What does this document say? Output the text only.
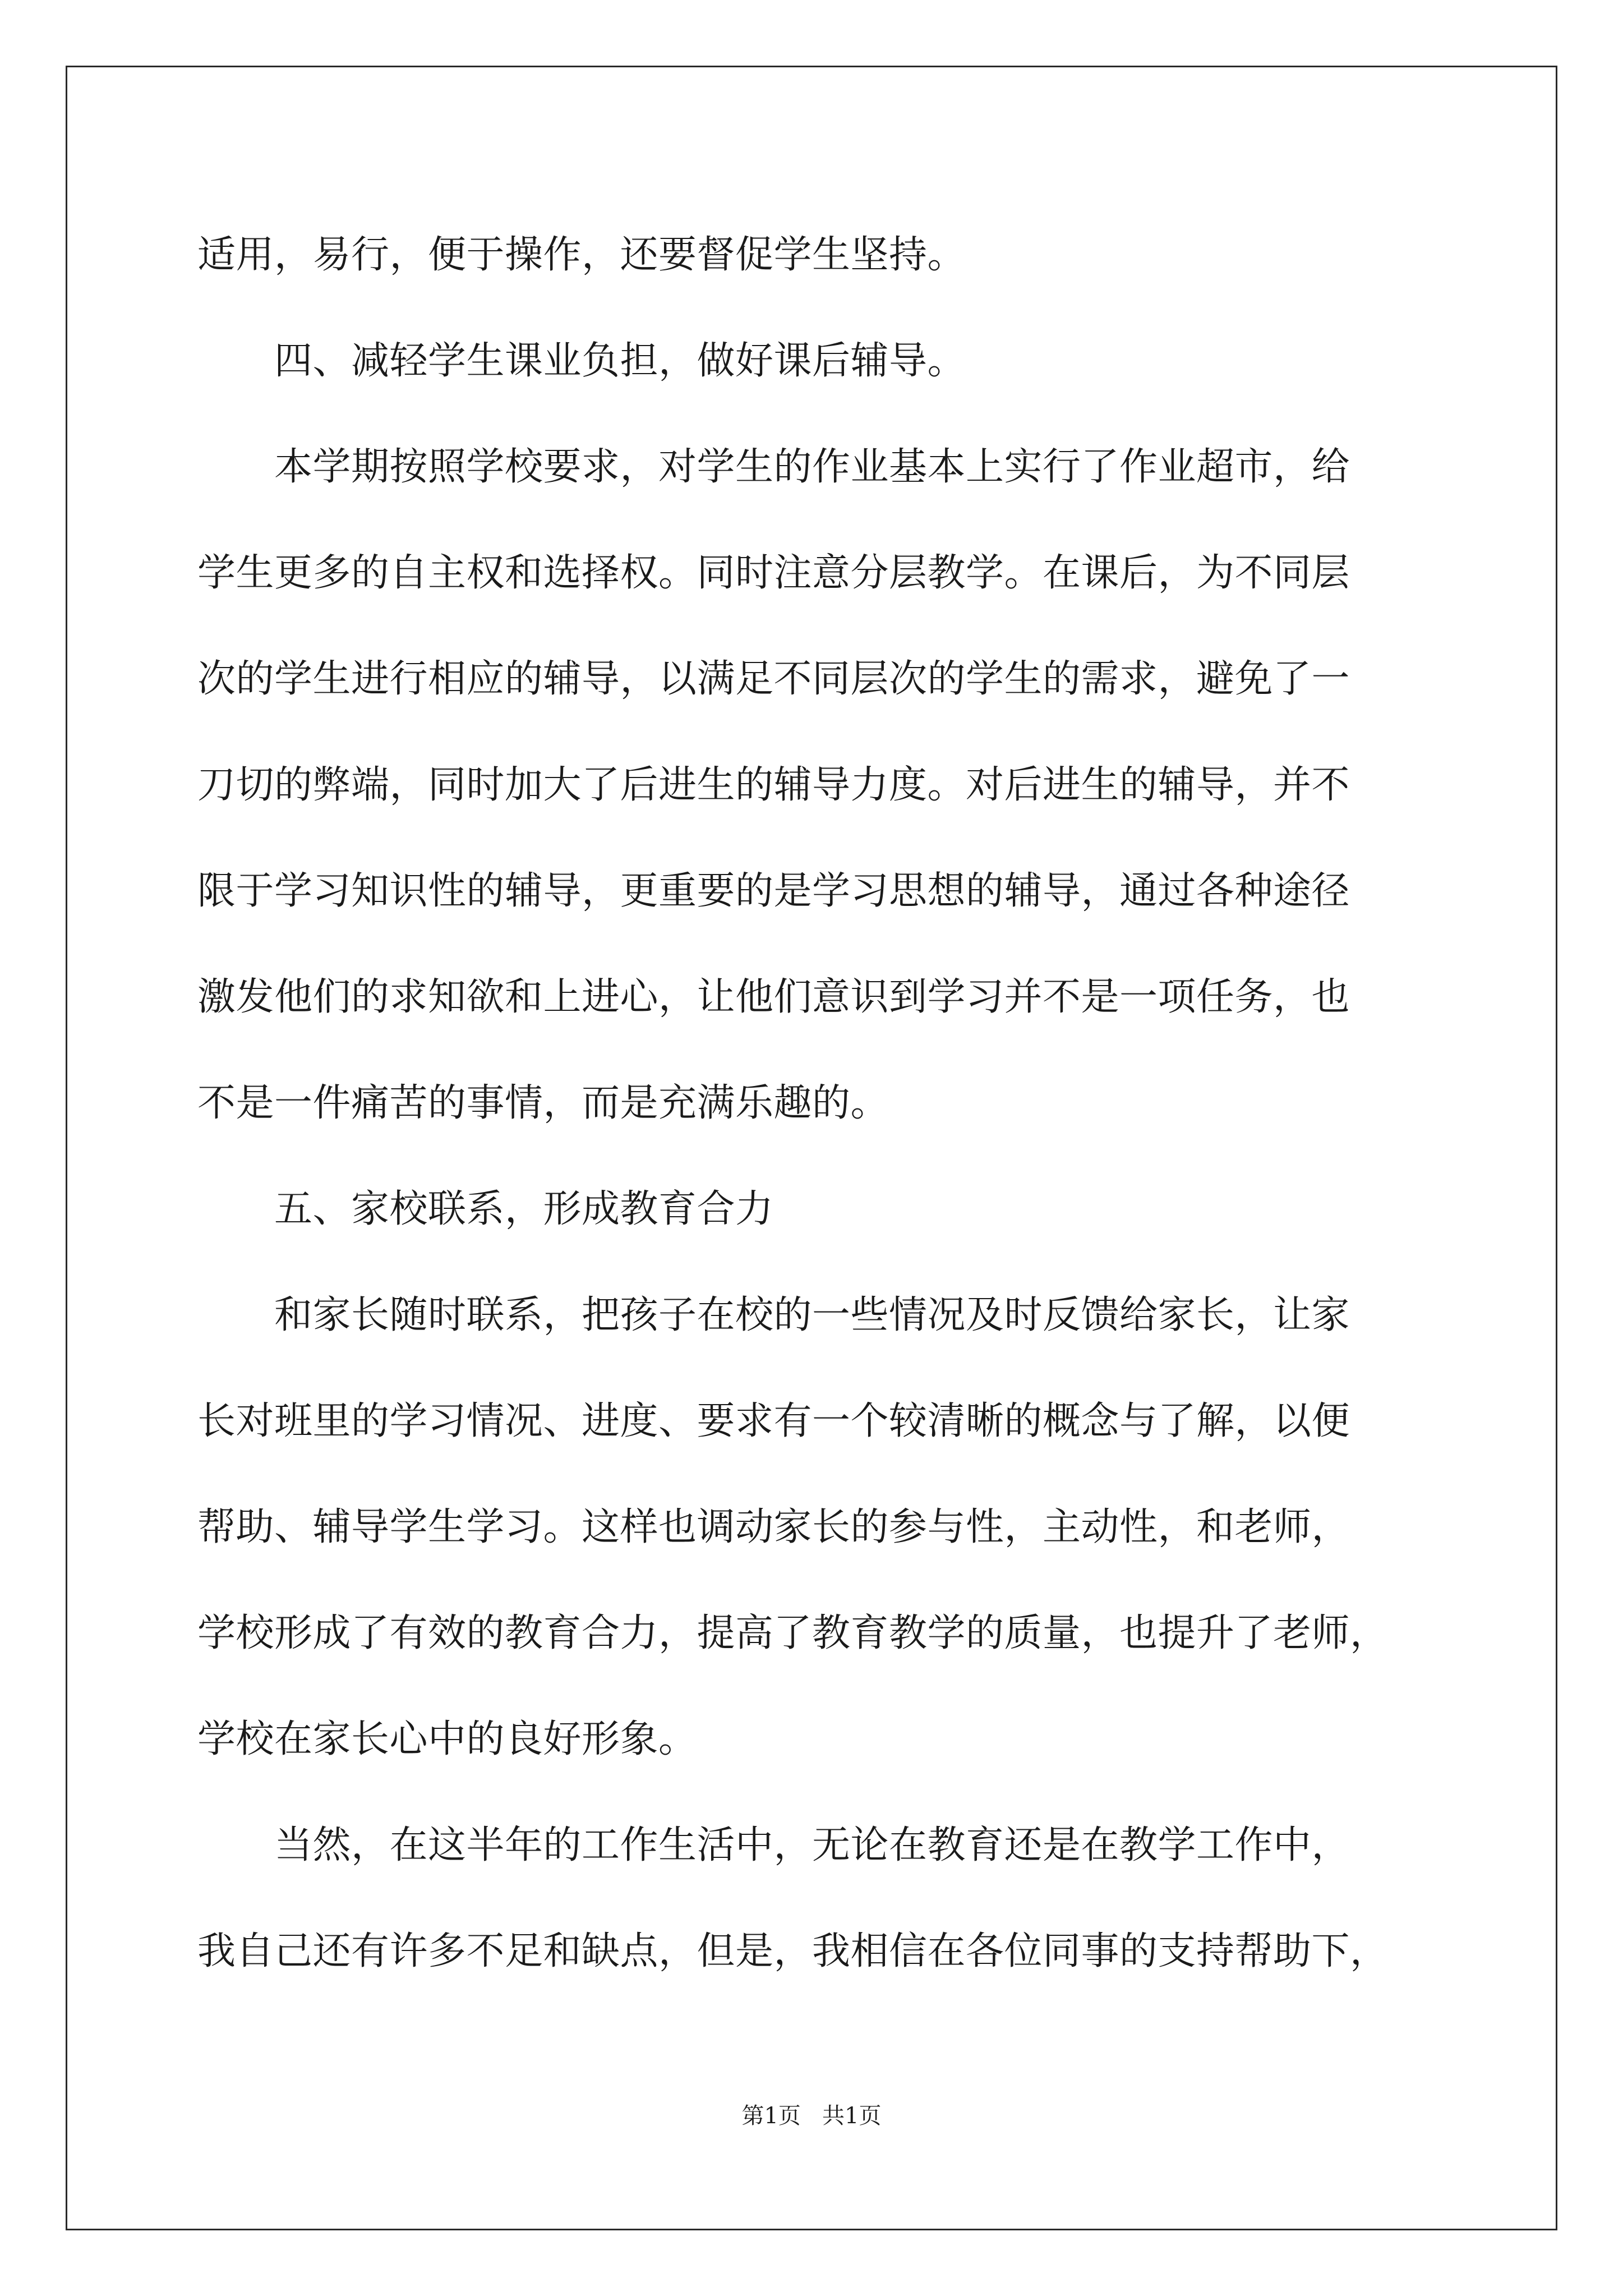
适用，易行，便于操作，还要督促学生坚持。
　　四、减轻学生课业负担，做好课后辅导。
　　本学期按照学校要求，对学生的作业基本上实行了作业超市，给
学生更多的自主权和选择权。同时注意分层教学。在课后，为不同层
次的学生进行相应的辅导，以满足不同层次的学生的需求，避免了一
刀切的弊端，同时加大了后进生的辅导力度。对后进生的辅导，并不
限于学习知识性的辅导，更重要的是学习思想的辅导，通过各种途径
激发他们的求知欲和上进心，让他们意识到学习并不是一项任务，也
不是一件痛苦的事情，而是充满乐趣的。
　　五、家校联系，形成教育合力
　　和家长随时联系，把孩子在校的一些情况及时反馈给家长，让家
长对班里的学习情况、进度、要求有一个较清晰的概念与了解，以便
帮助、辅导学生学习。这样也调动家长的参与性，主动性，和老师，
学校形成了有效的教育合力，提高了教育教学的质量，也提升了老师，
学校在家长心中的良好形象。
　　当然，在这半年的工作生活中，无论在教育还是在教学工作中，
我自己还有许多不足和缺点，但是，我相信在各位同事的支持帮助下，
第1页   共1页
